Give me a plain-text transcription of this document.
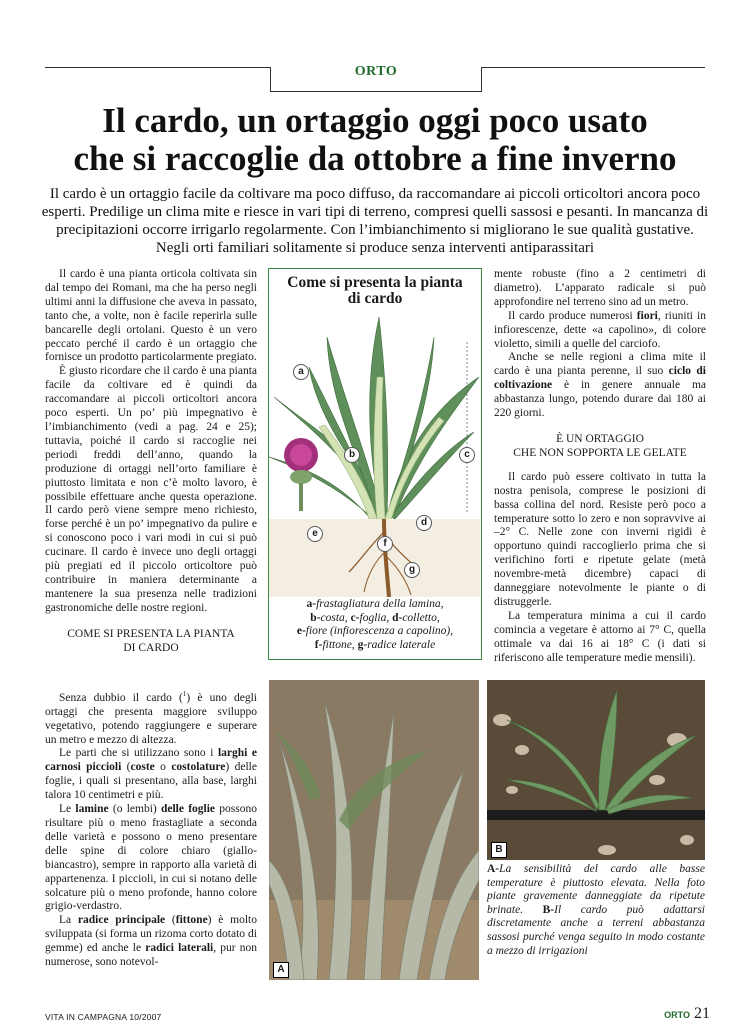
ORTO
Il cardo, un ortaggio oggi poco usato
che si raccoglie da ottobre a fine inverno
Il cardo è un ortaggio facile da coltivare ma poco diffuso, da raccomandare ai piccoli orticoltori ancora poco esperti. Predilige un clima mite e riesce in vari tipi di terreno, compresi quelli sassosi e pesanti. In mancanza di precipitazioni occorre irrigarlo regolarmente. Con l’imbianchimento si migliorano le sue qualità gustative. Negli orti familiari solitamente si produce senza interventi antiparassitari

Il cardo è una pianta orticola coltivata sin dal tempo dei Romani, ma che ha perso negli ultimi anni la diffusione che aveva in passato, tanto che, a volte, non è facile reperirla sulle bancarelle degli ortolani. Questo è un vero peccato perché il cardo è un ortaggio che fornisce un prodotto particolarmente pregiato.

È giusto ricordare che il cardo è una pianta facile da coltivare ed è quindi da raccomandare ai piccoli orticoltori ancora poco esperti. Un po’ più impegnativo è l’imbianchimento (vedi a pag. 24 e 25); tuttavia, poiché il cardo si raccoglie nei periodi freddi dell’anno, quando la produzione di ortaggi nell’orto familiare è piuttosto limitata e non c’è molto lavoro, è possibile effettuare anche questa operazione. Il cardo però viene sempre meno richiesto, forse perché è un po’ impegnativo da pulire e si conoscono poco i vari modi in cui si può cucinare. Il cardo è invece uno degli ortaggi più pregiati ed il piccolo orticoltore può contribuire in maniera determinante a mantenere la sua presenza nelle tradizioni gastronomiche delle nostre regioni.

COME SI PRESENTA LA PIANTA
DI CARDO

Senza dubbio il cardo ($^1$) è uno degli ortaggi che presenta maggiore sviluppo vegetativo, potendo raggiungere e superare un metro e mezzo di altezza.

Le parti che si utilizzano sono i larghi e carnosi piccioli (coste o costolature) delle foglie, i quali si presentano, alla base, larghi talora 10 centimetri e più.

Le lamine (o lembi) delle foglie possono risultare più o meno frastagliate a seconda delle varietà e possono o meno presentare delle spine di colore chiaro (giallo-biancastro), sempre in rapporto alla varietà di appartenenza. I piccioli, in cui si notano delle solcature più o meno profonde, hanno colore grigio-verdastro.

La radice principale (fittone) è molto sviluppata (si forma un rizoma corto dotato di gemme) ed anche le radici laterali, pur non numerose, sono notevol-

Come si presenta la pianta
di cardo
a
b	c
d
e
f
g
a-frastagliatura della lamina,
b-costa, c-foglia, d-colletto,
e-fiore (infiorescenza a capolino),
f-fittone, g-radice laterale

mente robuste (fino a 2 centimetri di diametro). L’apparato radicale si può approfondire nel terreno sino ad un metro.

Il cardo produce numerosi fiori, riuniti in infiorescenze, dette «a capolino», di colore violetto, simili a quelle del carciofo.

Anche se nelle regioni a clima mite il cardo è una pianta perenne, il suo ciclo di coltivazione è in genere annuale ma abbastanza lungo, potendo durare dai 180 ai 220 giorni.

È UN ORTAGGIO
CHE NON SOPPORTA LE GELATE

Il cardo può essere coltivato in tutta la nostra penisola, comprese le posizioni di bassa collina del nord. Resiste però poco a temperature sotto lo zero e non sopravvive ai –2° C. Nelle zone con inverni rigidi è opportuno quindi raccoglierlo prima che si verifichino forti e ripetute gelate (metà novembre-metà dicembre) capaci di danneggiare notevolmente le piante o di distruggerle.

La temperatura minima a cui il cardo comincia a vegetare è attorno ai 7° C, quella ottimale va dai 16 ai 18° C (i dati si riferiscono alle temperature medie mensili).

A
B
A-La sensibilità del cardo alle basse temperature è piuttosto elevata. Nella foto piante gravemente danneggiate da ripetute brinate. B-Il cardo può adattarsi discretamente anche a terreni abbastanza sassosi purché venga seguito in modo costante a mezzo di irrigazioni
VITA IN CAMPAGNA 10/2007	ORTO 21
